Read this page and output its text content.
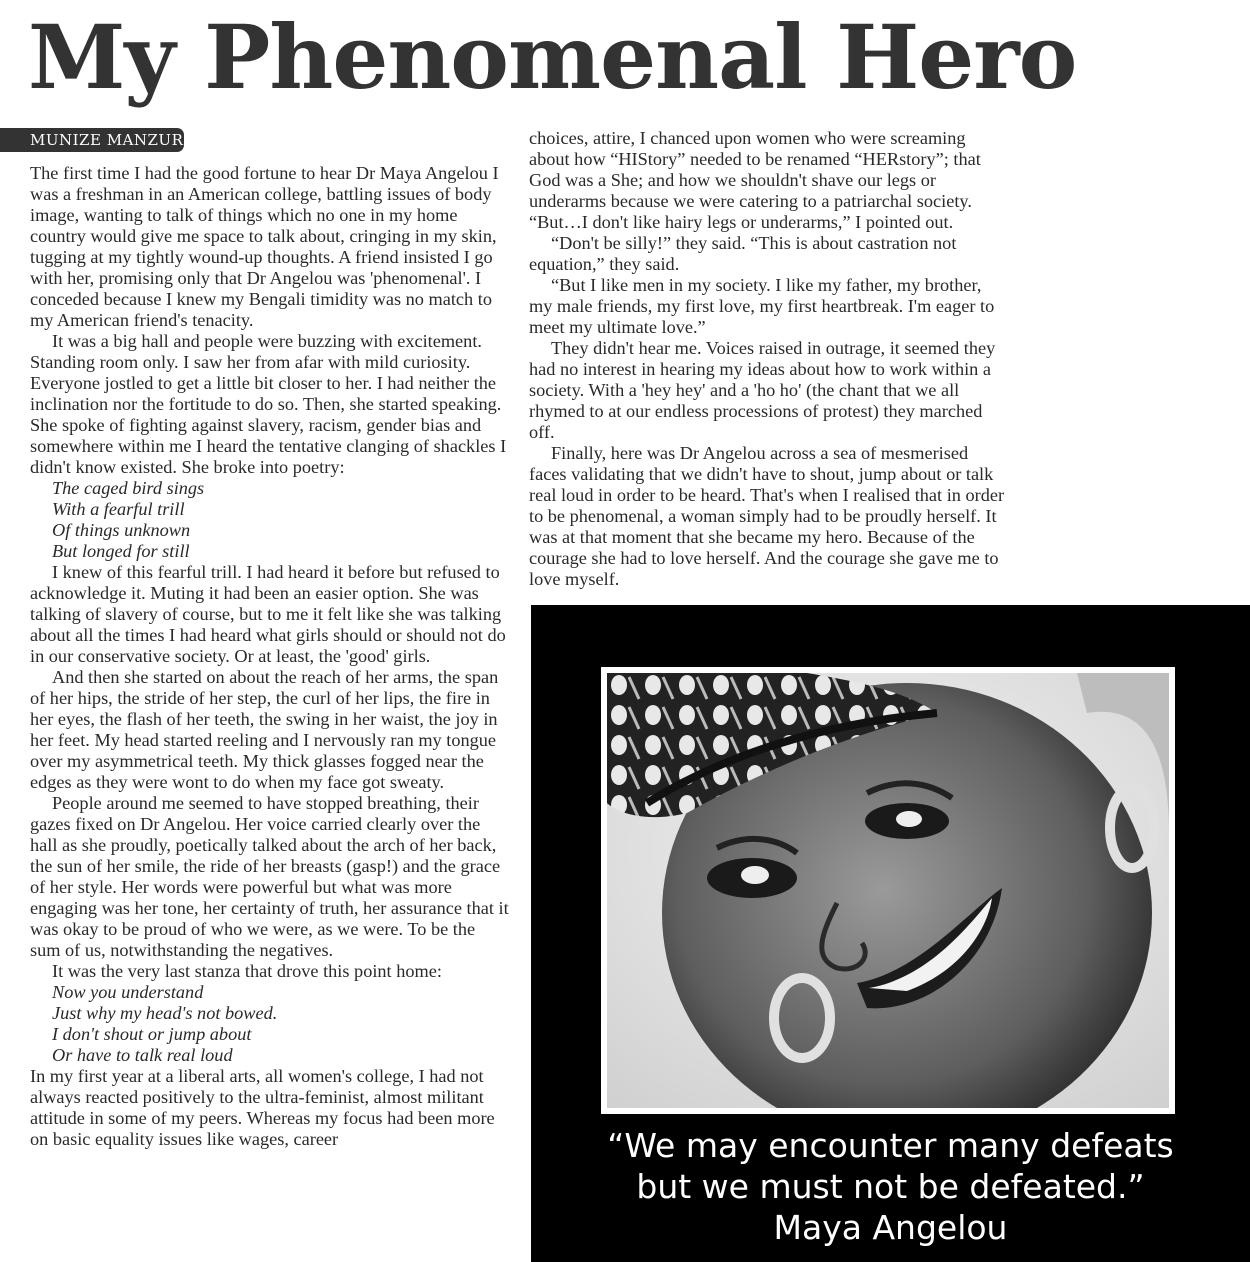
My Phenomenal Hero
MUNIZE MANZUR

The first time I had the good fortune to hear Dr Maya Angelou I was a freshman in an American college, battling issues of body image, wanting to talk of things which no one in my home country would give me space to talk about, cringing in my skin, tugging at my tightly wound-up thoughts. A friend insisted I go with her, promising only that Dr Angelou was 'phenomenal'. I conceded because I knew my Bengali timidity was no match to my American friend's tenacity.

It was a big hall and people were buzzing with excitement. Standing room only. I saw her from afar with mild curiosity. Everyone jostled to get a little bit closer to her. I had neither the inclination nor the fortitude to do so. Then, she started speaking. She spoke of fighting against slavery, racism, gender bias and somewhere within me I heard the tentative clanging of shackles I didn't know existed. She broke into poetry:

The caged bird sings
With a fearful trill
Of things unknown
But longed for still

I knew of this fearful trill. I had heard it before but refused to acknowledge it. Muting it had been an easier option. She was talking of slavery of course, but to me it felt like she was talking about all the times I had heard what girls should or should not do in our conservative society. Or at least, the 'good' girls.

And then she started on about the reach of her arms, the span of her hips, the stride of her step, the curl of her lips, the fire in her eyes, the flash of her teeth, the swing in her waist, the joy in her feet. My head started reeling and I nervously ran my tongue over my asymmetrical teeth. My thick glasses fogged near the edges as they were wont to do when my face got sweaty.

People around me seemed to have stopped breathing, their gazes fixed on Dr Angelou. Her voice carried clearly over the hall as she proudly, poetically talked about the arch of her back, the sun of her smile, the ride of her breasts (gasp!) and the grace of her style. Her words were powerful but what was more engaging was her tone, her certainty of truth, her assurance that it was okay to be proud of who we were, as we were. To be the sum of us, notwithstanding the negatives.

It was the very last stanza that drove this point home:

Now you understand
Just why my head's not bowed.
I don't shout or jump about
Or have to talk real loud

In my first year at a liberal arts, all women's college, I had not always reacted positively to the ultra-feminist, almost militant attitude in some of my peers. Whereas my focus had been more on basic equality issues like wages, career

choices, attire, I chanced upon women who were screaming about how “HIStory” needed to be renamed “HERstory”; that God was a She; and how we shouldn't shave our legs or underarms because we were catering to a patriarchal society. “But…I don't like hairy legs or underarms,” I pointed out.

“Don't be silly!” they said. “This is about castration not equation,” they said.

“But I like men in my society. I like my father, my brother, my male friends, my first love, my first heartbreak. I'm eager to meet my ultimate love.”

They didn't hear me. Voices raised in outrage, it seemed they had no interest in hearing my ideas about how to work within a society. With a 'hey hey' and a 'ho ho' (the chant that we all rhymed to at our endless processions of protest) they marched off.

Finally, here was Dr Angelou across a sea of mesmerised faces validating that we didn't have to shout, jump about or talk real loud in order to be heard. That's when I realised that in order to be phenomenal, a woman simply had to be proudly herself. It was at that moment that she became my hero. Because of the courage she had to love herself. And the courage she gave me to love myself.

“We may encounter many defeats
but we must not be defeated.”
Maya Angelou
